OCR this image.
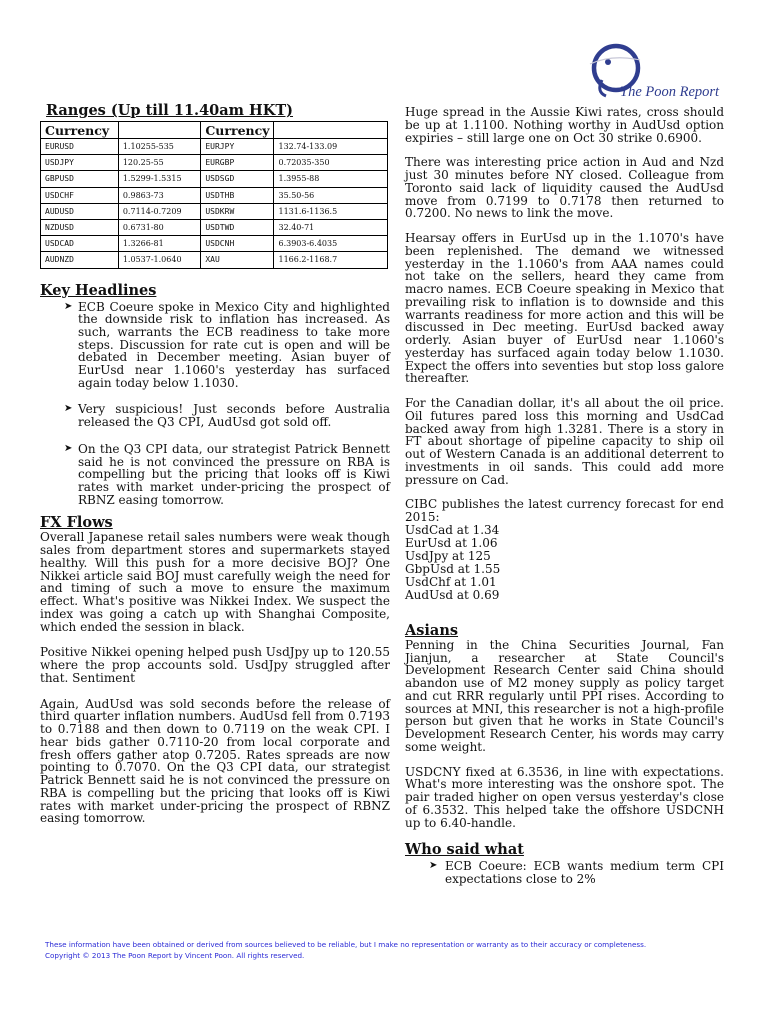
The Poon Report
Ranges (Up till 11.40am HKT)
Currency		Currency	
EURUSD	1.10255-535	EURJPY	132.74-133.09
USDJPY	120.25-55	EURGBP	0.72035-350
GBPUSD	1.5299-1.5315	USDSGD	1.3955-88
USDCHF	0.9863-73	USDTHB	35.50-56
AUDUSD	0.7114-0.7209	USDKRW	1131.6-1136.5
NZDUSD	0.6731-80	USDTWD	32.40-71
USDCAD	1.3266-81	USDCNH	6.3903-6.4035
AUDNZD	1.0537-1.0640	XAU	1166.2-1168.7
Key Headlines
➤ ECB Coeure spoke in Mexico City and highlighted the downside risk to inflation has increased. As such, warrants the ECB readiness to take more steps. Discussion for rate cut is open and will be debated in December meeting. Asian buyer of EurUsd near 1.1060's yesterday has surfaced again today below 1.1030.
➤ Very suspicious! Just seconds before Australia released the Q3 CPI, AudUsd got sold off.
➤ On the Q3 CPI data, our strategist Patrick Bennett said he is not convinced the pressure on RBA is compelling but the pricing that looks off is Kiwi rates with market under-pricing the prospect of RBNZ easing tomorrow.
FX Flows

Overall Japanese retail sales numbers were weak though sales from department stores and supermarkets stayed healthy. Will this push for a more decisive BOJ? One Nikkei article said BOJ must carefully weigh the need for and timing of such a move to ensure the maximum effect. What's positive was Nikkei Index. We suspect the index was going a catch up with Shanghai Composite, which ended the session in black.

Positive Nikkei opening helped push UsdJpy up to 120.55 where the prop accounts sold. UsdJpy struggled after that. Sentiment

Again, AudUsd was sold seconds before the release of third quarter inflation numbers. AudUsd fell from 0.7193 to 0.7188 and then down to 0.7119 on the weak CPI. I hear bids gather 0.7110-20 from local corporate and fresh offers gather atop 0.7205. Rates spreads are now pointing to 0.7070. On the Q3 CPI data, our strategist Patrick Bennett said he is not convinced the pressure on RBA is compelling but the pricing that looks off is Kiwi rates with market under-pricing the prospect of RBNZ easing tomorrow.

Huge spread in the Aussie Kiwi rates, cross should be up at 1.1100. Nothing worthy in AudUsd option expiries – still large one on Oct 30 strike 0.6900.

There was interesting price action in Aud and Nzd just 30 minutes before NY closed. Colleague from Toronto said lack of liquidity caused the AudUsd move from 0.7199 to 0.7178 then returned to 0.7200. No news to link the move.

Hearsay offers in EurUsd up in the 1.1070's have been replenished. The demand we witnessed yesterday in the 1.1060's from AAA names could not take on the sellers, heard they came from macro names. ECB Coeure speaking in Mexico that prevailing risk to inflation is to downside and this warrants readiness for more action and this will be discussed in Dec meeting. EurUsd backed away orderly. Asian buyer of EurUsd near 1.1060's yesterday has surfaced again today below 1.1030. Expect the offers into seventies but stop loss galore thereafter.

For the Canadian dollar, it's all about the oil price. Oil futures pared loss this morning and UsdCad backed away from high 1.3281. There is a story in FT about shortage of pipeline capacity to ship oil out of Western Canada is an additional deterrent to investments in oil sands. This could add more pressure on Cad.

CIBC publishes the latest currency forecast for end 2015:

UsdCad at 1.34
EurUsd at 1.06
UsdJpy at 125
GbpUsd at 1.55
UsdChf at 1.01
AudUsd at 0.69
Asians

Penning in the China Securities Journal, Fan Jianjun, a researcher at State Council's Development Research Center said China should abandon use of M2 money supply as policy target and cut RRR regularly until PPI rises. According to sources at MNI, this researcher is not a high-profile person but given that he works in State Council's Development Research Center, his words may carry some weight.

USDCNY fixed at 6.3536, in line with expectations. What's more interesting was the onshore spot. The pair traded higher on open versus yesterday's close of 6.3532. This helped take the offshore USDCNH up to 6.40-handle.

Who said what
➤ ECB Coeure: ECB wants medium term CPI expectations close to 2%
These information have been obtained or derived from sources believed to be reliable, but I make no representation or warranty as to their accuracy or completeness.
Copyright © 2013 The Poon Report by Vincent Poon. All rights reserved.
